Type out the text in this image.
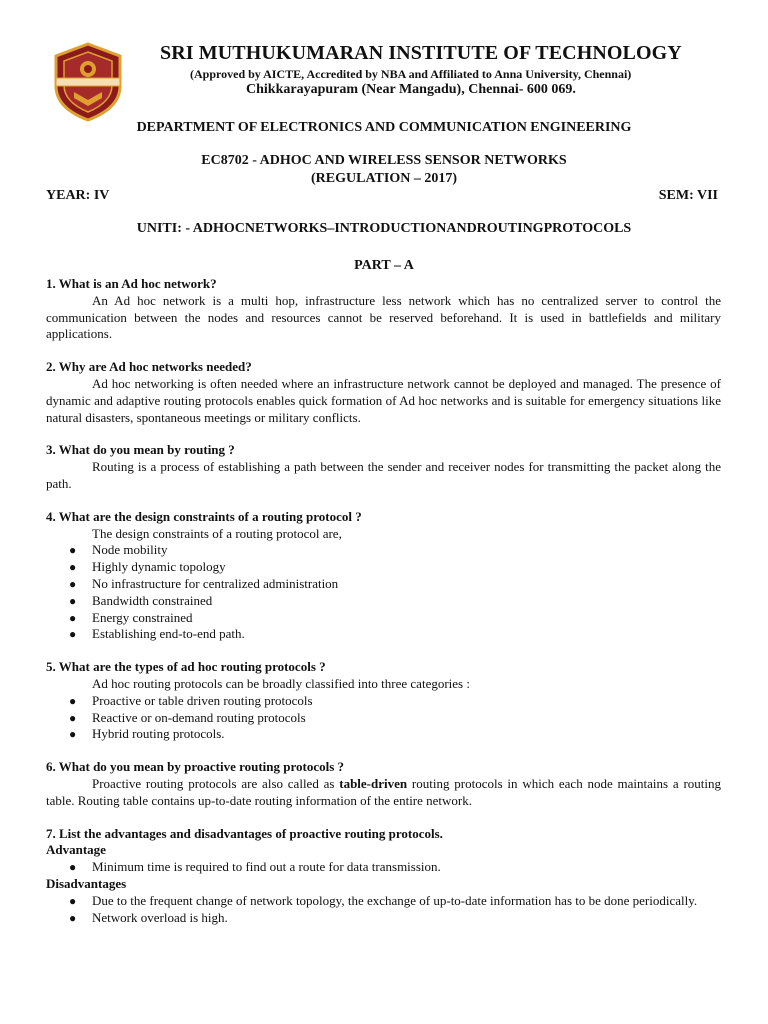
SRI MUTHUKUMARAN INSTITUTE OF TECHNOLOGY
(Approved by AICTE, Accredited by NBA and Affiliated to Anna University, Chennai)
Chikkarayapuram (Near Mangadu), Chennai- 600 069.
DEPARTMENT OF ELECTRONICS AND COMMUNICATION ENGINEERING
EC8702 - ADHOC AND WIRELESS SENSOR NETWORKS
(REGULATION – 2017)
YEAR: IV	SEM: VII
UNITI: - ADHOCNETWORKS–INTRODUCTIONANDROUTINGPROTOCOLS
PART – A

1. What is an Ad hoc network?

An Ad hoc network is a multi hop, infrastructure less network which has no centralized server to control the communication between the nodes and resources cannot be reserved beforehand. It is used in battlefields and military applications.

2. Why are Ad hoc networks needed?

Ad hoc networking is often needed where an infrastructure network cannot be deployed and managed. The presence of dynamic and adaptive routing protocols enables quick formation of Ad hoc networks and is suitable for emergency situations like natural disasters, spontaneous meetings or military conflicts.

3. What do you mean by routing ?

Routing is a process of establishing a path between the sender and receiver nodes for transmitting the packet along the path.

4. What are the design constraints of a routing protocol ?

The design constraints of a routing protocol are,

● Node mobility
● Highly dynamic topology
● No infrastructure for centralized administration
● Bandwidth constrained
● Energy constrained
● Establishing end-to-end path.

5. What are the types of ad hoc routing protocols ?

Ad hoc routing protocols can be broadly classified into three categories :

● Proactive or table driven routing protocols
● Reactive or on-demand routing protocols
● Hybrid routing protocols.

6. What do you mean by proactive routing protocols ?

Proactive routing protocols are also called as table-driven routing protocols in which each node maintains a routing table. Routing table contains up-to-date routing information of the entire network.

7. List the advantages and disadvantages of proactive routing protocols.

Advantage

● Minimum time is required to find out a route for data transmission.

Disadvantages

● Due to the frequent change of network topology, the exchange of up-to-date information has to be done periodically.
● Network overload is high.
